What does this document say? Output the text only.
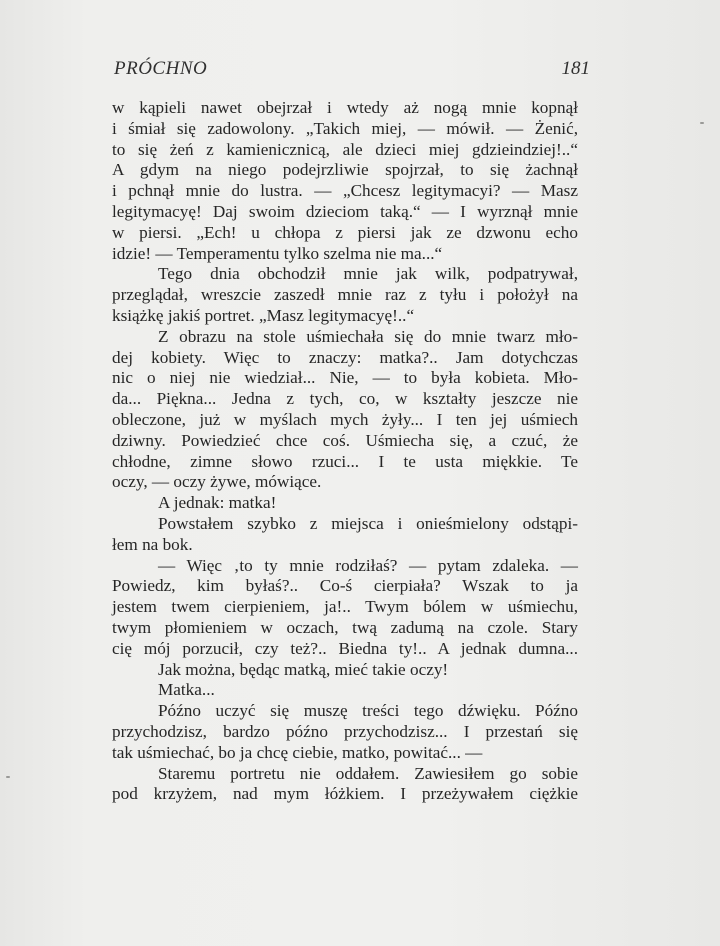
PRÓCHNO	181
w kąpieli nawet obejrzał i wtedy aż nogą mnie kopnął
i śmiał się zadowolony. „Takich miej, — mówił. — Żenić,
to się żeń z kamienicznicą, ale dzieci miej gdzieindziej!..“
A gdym na niego podejrzliwie spojrzał, to się żachnął
i pchnął mnie do lustra. — „Chcesz legitymacyi? — Masz
legitymacyę! Daj swoim dzieciom taką.“ — I wyrznął mnie
w piersi. „Ech! u chłopa z piersi jak ze dzwonu echo
idzie! — Temperamentu tylko szelma nie ma...“
Tego dnia obchodził mnie jak wilk, podpatrywał,
przeglądał, wreszcie zaszedł mnie raz z tyłu i położył na
książkę jakiś portret. „Masz legitymacyę!..“
Z obrazu na stole uśmiechała się do mnie twarz mło-
dej kobiety. Więc to znaczy: matka?.. Jam dotychczas
nic o niej nie wiedział... Nie, — to była kobieta. Mło-
da... Piękna... Jedna z tych, co, w kształty jeszcze nie
obleczone, już w myślach mych żyły... I ten jej uśmiech
dziwny. Powiedzieć chce coś. Uśmiecha się, a czuć, że
chłodne, zimne słowo rzuci... I te usta miękkie. Te
oczy, — oczy żywe, mówiące.
A jednak: matka!
Powstałem szybko z miejsca i onieśmielony odstąpi-
łem na bok.
— Więc ‚to ty mnie rodziłaś? — pytam zdaleka. —
Powiedz, kim byłaś?.. Co-ś cierpiała? Wszak to ja
jestem twem cierpieniem, ja!.. Twym bólem w uśmiechu,
twym płomieniem w oczach, twą zadumą na czole. Stary
cię mój porzucił, czy też?.. Biedna ty!.. A jednak dumna...
Jak można, będąc matką, mieć takie oczy!
Matka...
Późno uczyć się muszę treści tego dźwięku. Późno
przychodzisz, bardzo późno przychodzisz... I przestań się
tak uśmiechać, bo ja chcę ciebie, matko, powitać... —
Staremu portretu nie oddałem. Zawiesiłem go sobie
pod krzyżem, nad mym łóżkiem. I przeżywałem ciężkie
